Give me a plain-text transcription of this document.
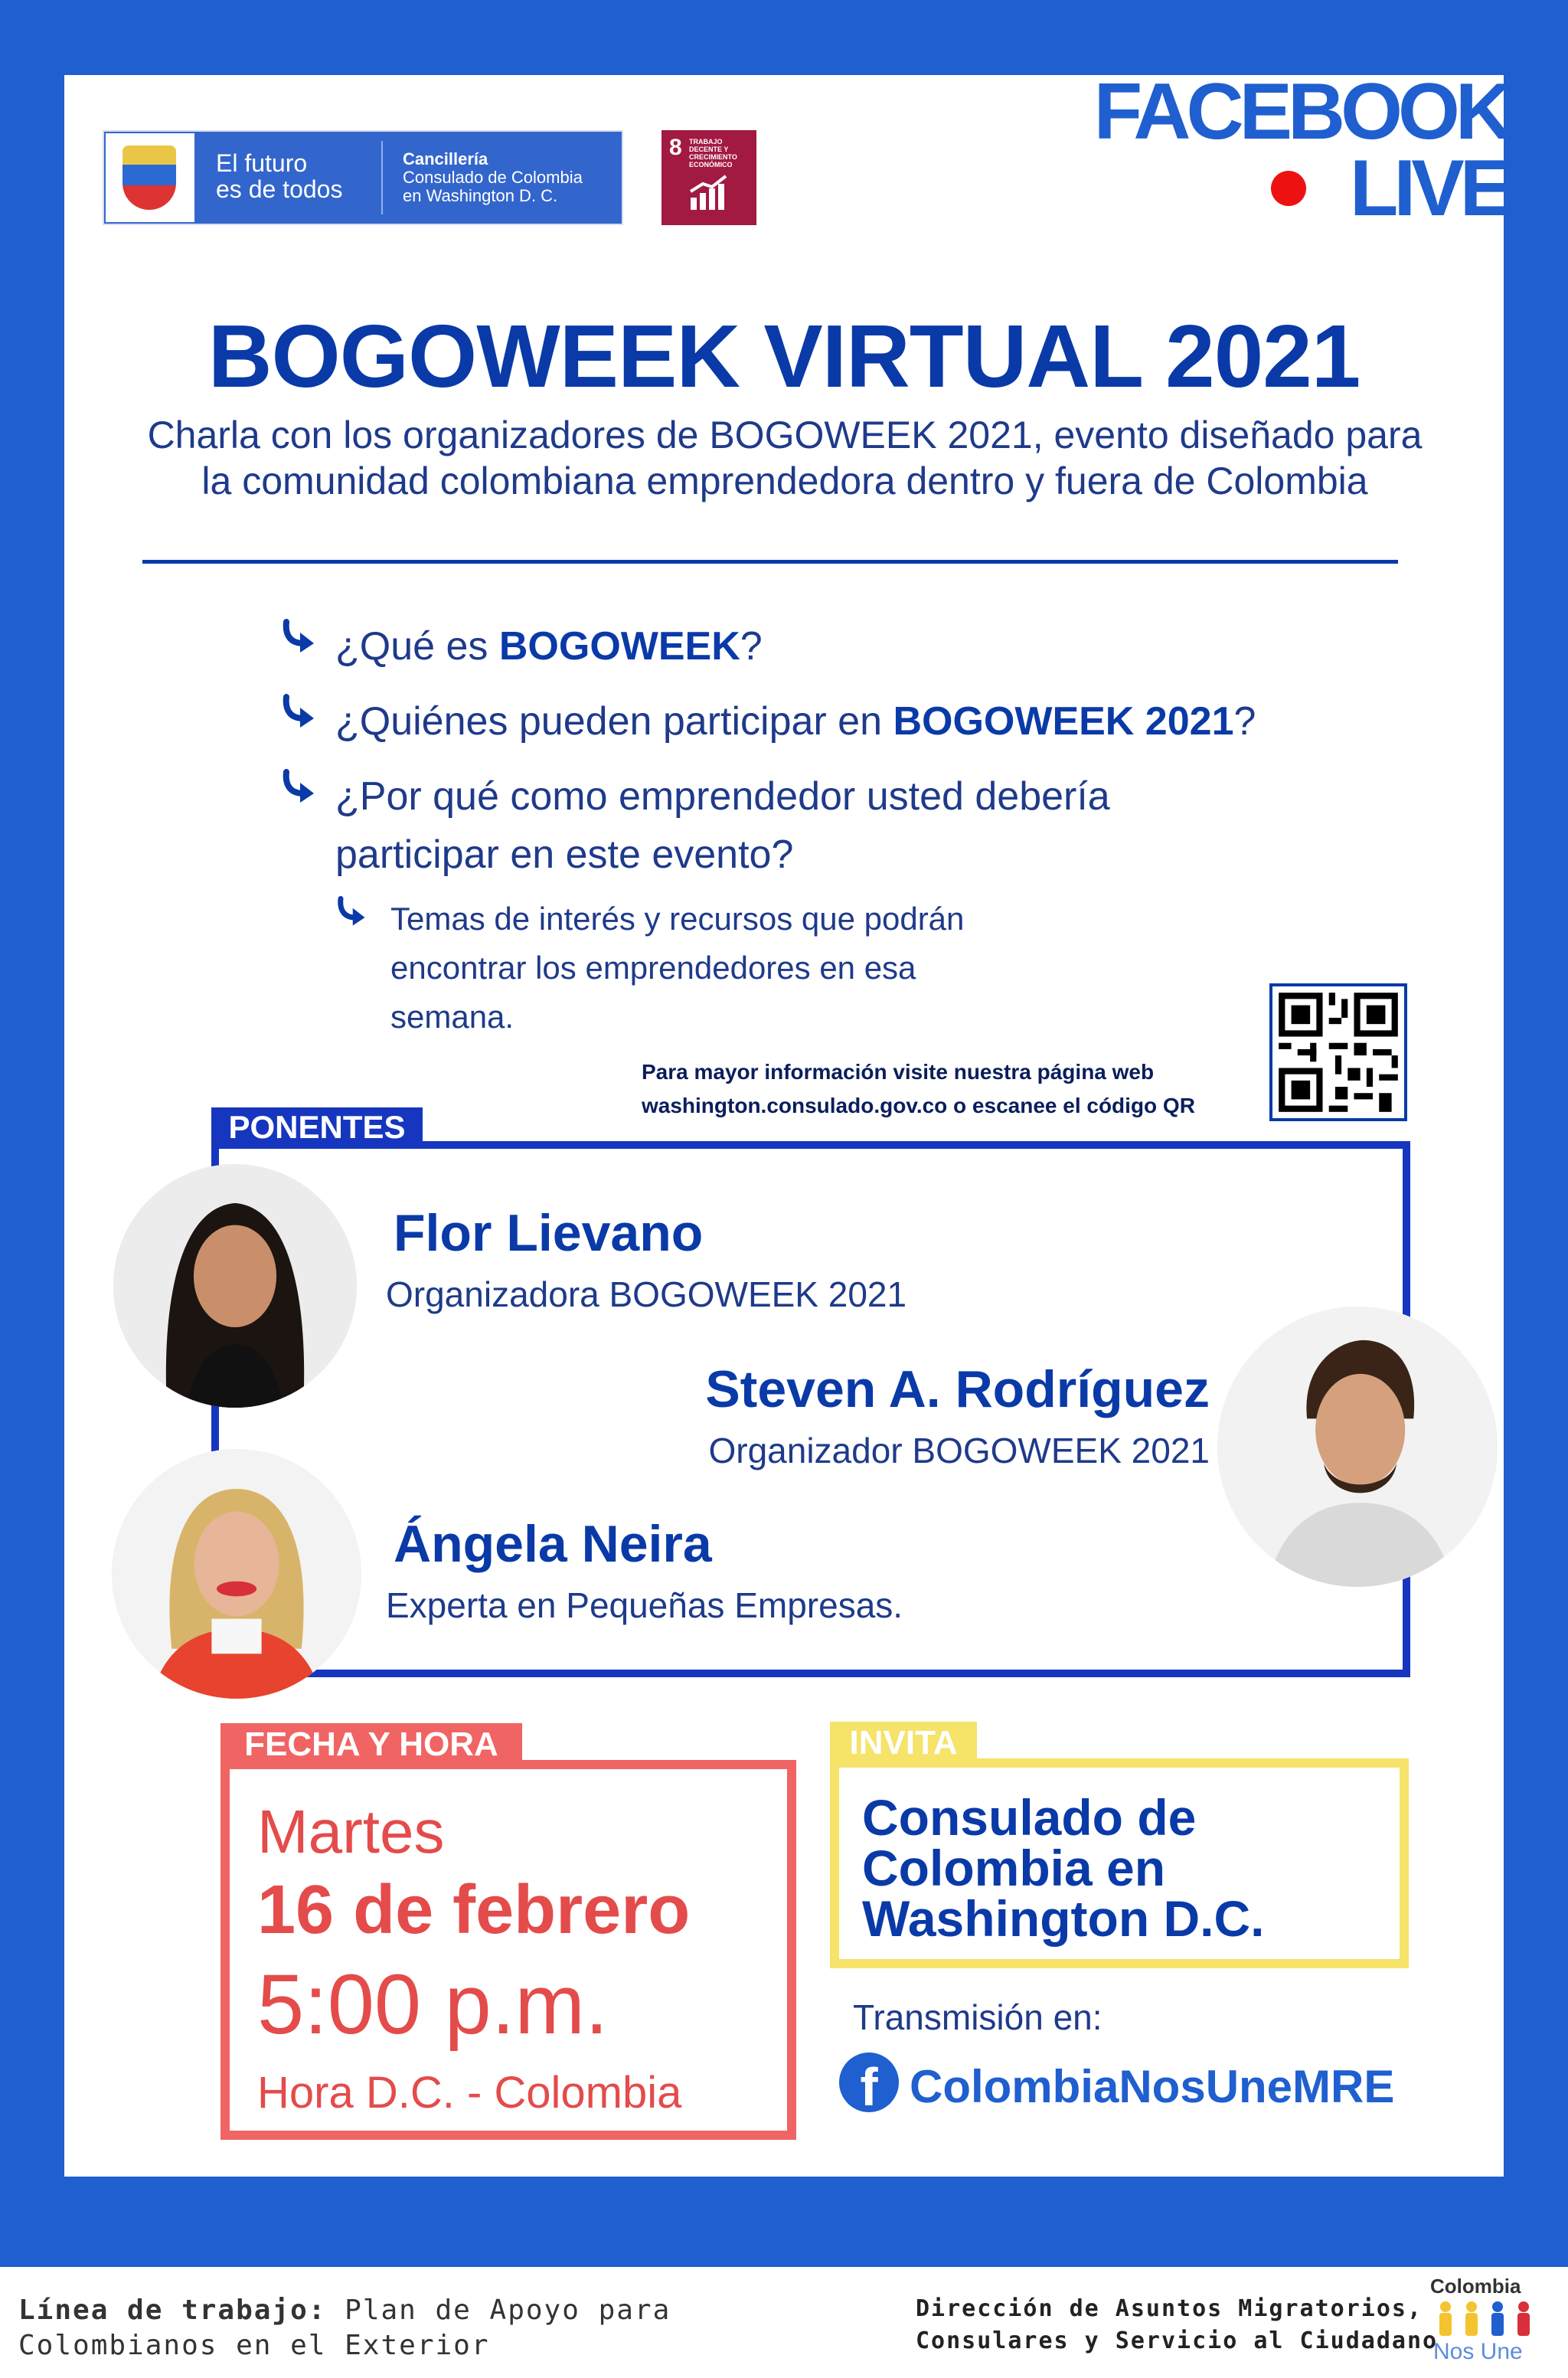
El futuro
es de todos
Cancillería
Consulado de Colombia
en Washington D. C.
8 TRABAJO DECENTE Y CRECIMIENTO ECONÓMICO
FACEBOOK
LIVE
BOGOWEEK VIRTUAL 2021
Charla con los organizadores de BOGOWEEK 2021, evento diseñado para la comunidad colombiana emprendedora dentro y fuera de Colombia
¿Qué es BOGOWEEK?
¿Quiénes pueden participar en BOGOWEEK 2021?
¿Por qué como emprendedor usted debería
participar en este evento?
Temas de interés y recursos que podrán
encontrar los emprendedores en esa
semana.
Para mayor información visite nuestra página web
washington.consulado.gov.co o escanee el código QR
PONENTES
Flor Lievano
Organizadora BOGOWEEK 2021
Steven A. Rodríguez
Organizador BOGOWEEK 2021
Ángela Neira
Experta en Pequeñas Empresas.
FECHA Y HORA
Martes
16 de febrero
5:00 p.m.
Hora D.C. - Colombia
INVITA
Consulado de
Colombia en
Washington D.C.
Transmisión en:
f ColombiaNosUneMRE
Línea de trabajo: Plan de Apoyo para
Colombianos en el Exterior
Dirección de Asuntos Migratorios,
Consulares y Servicio al Ciudadano
Colombia
Nos Une
